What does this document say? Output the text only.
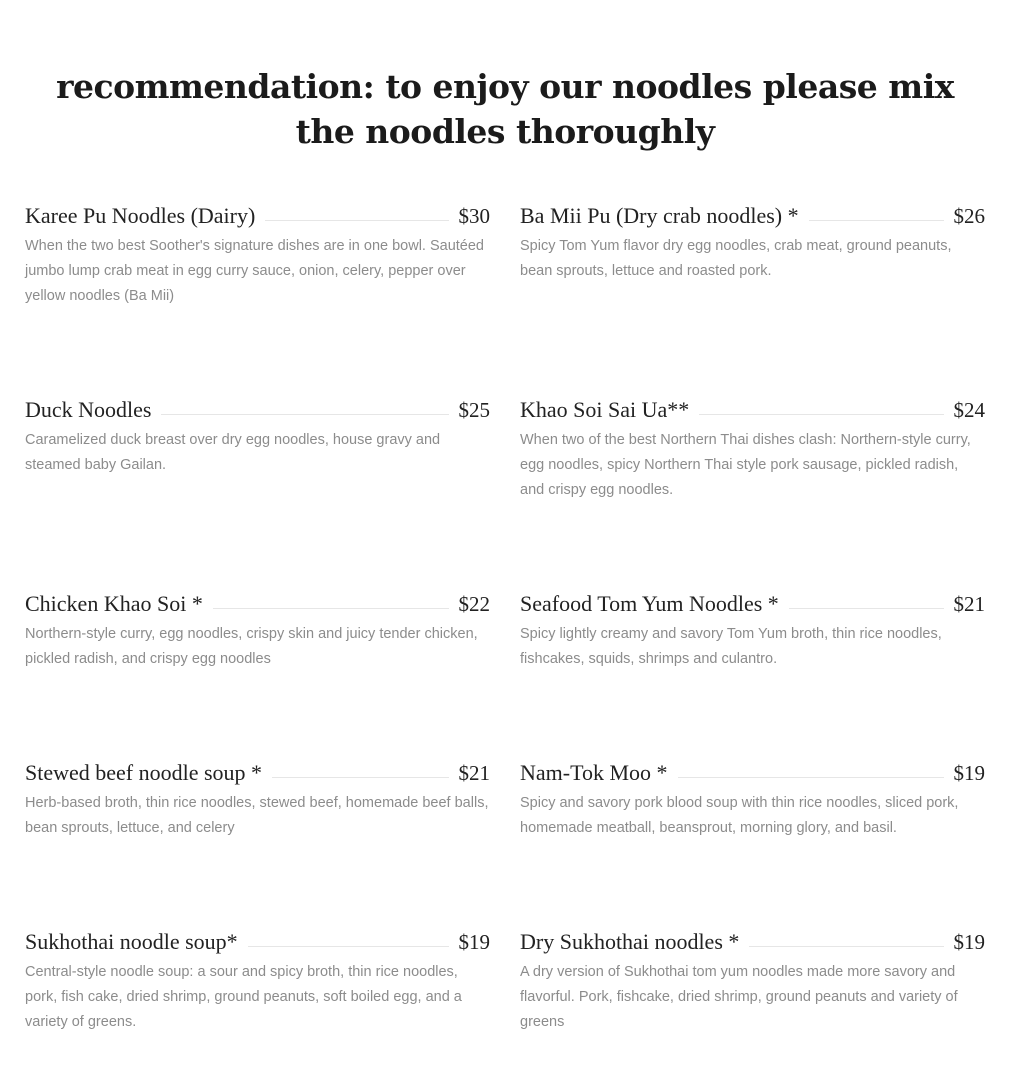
recommendation: to enjoy our noodles please mix the noodles thoroughly
Karee Pu Noodles (Dairy)	$30

When the two best Soother's signature dishes are in one bowl. Sautéed jumbo lump crab meat in egg curry sauce, onion, celery, pepper over yellow noodles (Ba Mii)

Ba Mii Pu (Dry crab noodles) *	$26

Spicy Tom Yum flavor dry egg noodles, crab meat, ground peanuts, bean sprouts, lettuce and roasted pork.

Duck Noodles	$25

Caramelized duck breast over dry egg noodles, house gravy and steamed baby Gailan.

Khao Soi Sai Ua**	$24

When two of the best Northern Thai dishes clash: Northern-style curry, egg noodles, spicy Northern Thai style pork sausage, pickled radish, and crispy egg noodles.

Chicken Khao Soi *	$22

Northern-style curry, egg noodles, crispy skin and juicy tender chicken, pickled radish, and crispy egg noodles

Seafood Tom Yum Noodles *	$21

Spicy lightly creamy and savory Tom Yum broth, thin rice noodles, fishcakes, squids, shrimps and culantro.

Stewed beef noodle soup *	$21

Herb-based broth, thin rice noodles, stewed beef, homemade beef balls, bean sprouts, lettuce, and celery

Nam-Tok Moo *	$19

Spicy and savory pork blood soup with thin rice noodles, sliced pork, homemade meatball, beansprout, morning glory, and basil.

Sukhothai noodle soup*	$19

Central-style noodle soup: a sour and spicy broth, thin rice noodles, pork, fish cake, dried shrimp, ground peanuts, soft boiled egg, and a variety of greens.

Dry Sukhothai noodles *	$19

A dry version of Sukhothai tom yum noodles made more savory and flavorful. Pork, fishcake, dried shrimp, ground peanuts and variety of greens
